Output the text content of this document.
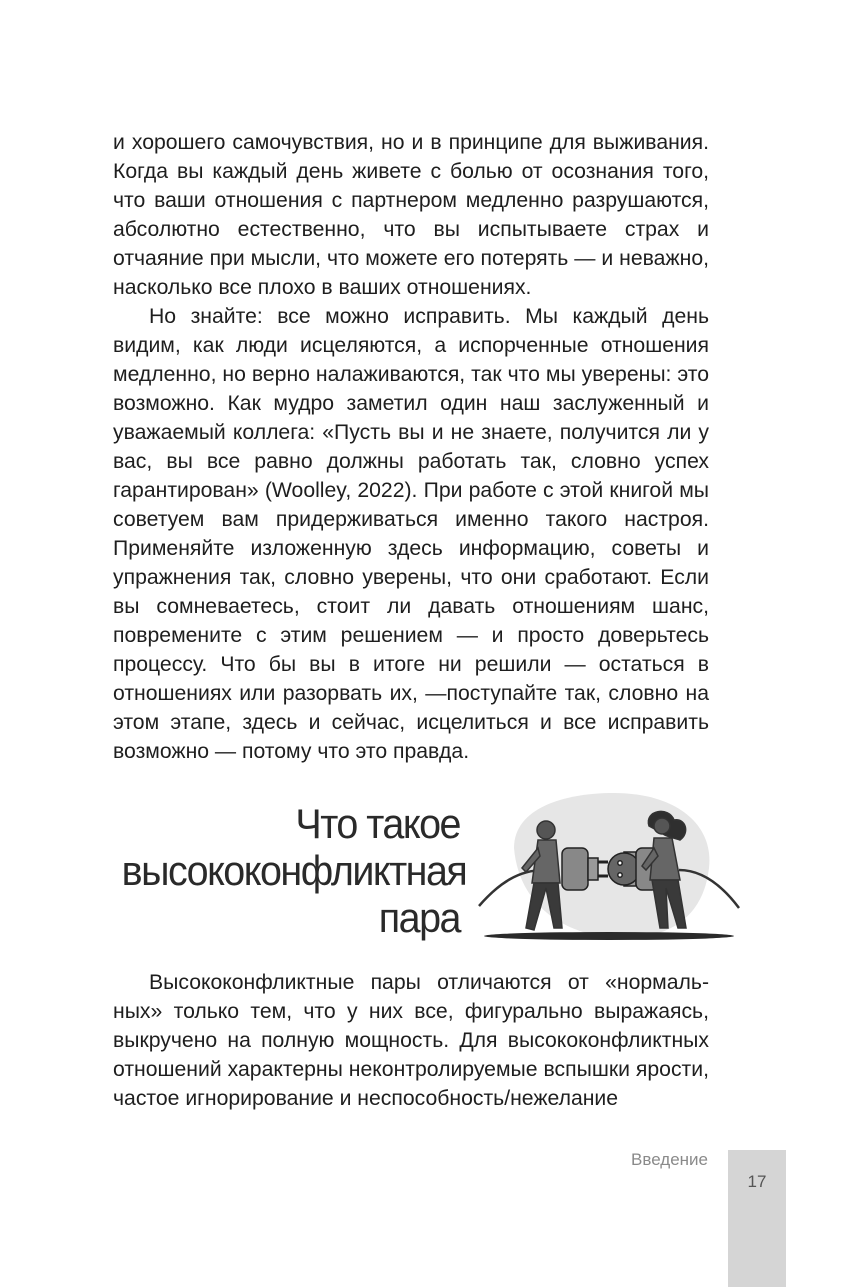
и хорошего самочувствия, но и в принципе для выживания. Когда вы каждый день живете с болью от осознания того, что ваши отношения с партнером медленно разрушаются, абсолютно естественно, что вы испытываете страх и отчаяние при мысли, что можете его потерять — и неважно, насколько все плохо в ваших отношениях.

Но знайте: все можно исправить. Мы каждый день видим, как люди исцеляются, а испорченные отношения медленно, но верно налаживаются, так что мы уверены: это возможно. Как мудро заметил один наш заслуженный и уважаемый коллега: «Пусть вы и не знаете, получится ли у вас, вы все равно должны работать так, словно успех гарантирован» (Woolley, 2022). При работе с этой книгой мы советуем вам придерживаться именно такого настроя. Применяйте изложенную здесь информацию, советы и упражнения так, словно уверены, что они сработают. Если вы сомневаетесь, стоит ли давать отношениям шанс, повремените с этим решением — и просто доверьтесь процессу. Что бы вы в итоге ни решили — остаться в отношениях или разорвать их, —поступайте так, словно на этом этапе, здесь и сейчас, исцелиться и все исправить возможно — потому что это правда.

Что такое
высококонфликтная
пара

Высококонфликтные пары отличаются от «нормальных» только тем, что у них все, фигурально выражаясь, выкручено на полную мощность. Для высококонфликтных отношений характерны неконтролируемые вспышки ярости, частое игнорирование и неспособность/нежелание

Введение
17
